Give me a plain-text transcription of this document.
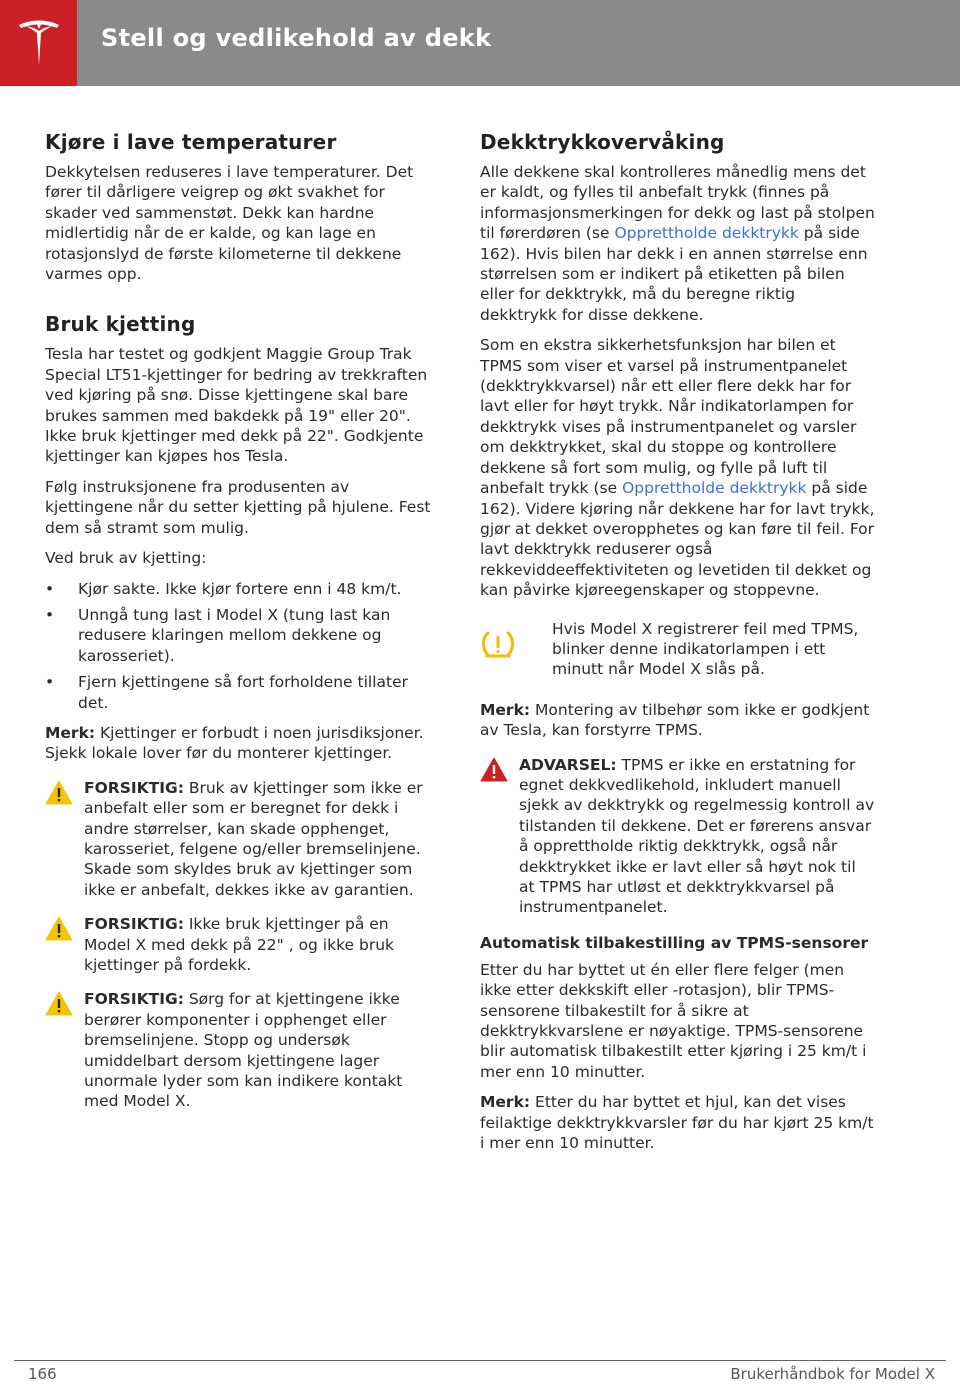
Stell og vedlikehold av dekk
Kjøre i lave temperaturer

Dekkytelsen reduseres i lave temperaturer. Det fører til dårligere veigrep og økt svakhet for skader ved sammenstøt. Dekk kan hardne midlertidig når de er kalde, og kan lage en rotasjonslyd de første kilometerne til dekkene varmes opp.

Bruk kjetting

Tesla har testet og godkjent Maggie Group Trak Special LT51-kjettinger for bedring av trekkraften ved kjøring på snø. Disse kjettingene skal bare brukes sammen med bakdekk på 19" eller 20". Ikke bruk kjettinger med dekk på 22". Godkjente kjettinger kan kjøpes hos Tesla.

Følg instruksjonene fra produsenten av kjettingene når du setter kjetting på hjulene. Fest dem så stramt som mulig.

Ved bruk av kjetting:

• Kjør sakte. Ikke kjør fortere enn i 48 km/t.
• Unngå tung last i Model X (tung last kan redusere klaringen mellom dekkene og karosseriet).
• Fjern kjettingene så fort forholdene tillater det.

Merk: Kjettinger er forbudt i noen jurisdiksjoner. Sjekk lokale lover før du monterer kjettinger.

FORSIKTIG: Bruk av kjettinger som ikke er anbefalt eller som er beregnet for dekk i andre størrelser, kan skade opphenget, karosseriet, felgene og/eller bremselinjene. Skade som skyldes bruk av kjettinger som ikke er anbefalt, dekkes ikke av garantien.

FORSIKTIG: Ikke bruk kjettinger på en Model X med dekk på 22" , og ikke bruk kjettinger på fordekk.

FORSIKTIG: Sørg for at kjettingene ikke berører komponenter i opphenget eller bremselinjene. Stopp og undersøk umiddelbart dersom kjettingene lager unormale lyder som kan indikere kontakt med Model X.

Dekktrykkovervåking

Alle dekkene skal kontrolleres månedlig mens det er kaldt, og fylles til anbefalt trykk (finnes på informasjonsmerkingen for dekk og last på stolpen til førerdøren (se Opprettholde dekktrykk på side 162). Hvis bilen har dekk i en annen størrelse enn størrelsen som er indikert på etiketten på bilen eller for dekktrykk, må du beregne riktig dekktrykk for disse dekkene.

Som en ekstra sikkerhetsfunksjon har bilen et TPMS som viser et varsel på instrumentpanelet (dekktrykkvarsel) når ett eller flere dekk har for lavt eller for høyt trykk. Når indikatorlampen for dekktrykk vises på instrumentpanelet og varsler om dekktrykket, skal du stoppe og kontrollere dekkene så fort som mulig, og fylle på luft til anbefalt trykk (se Opprettholde dekktrykk på side 162). Videre kjøring når dekkene har for lavt trykk, gjør at dekket overopphetes og kan føre til feil. For lavt dekktrykk reduserer også rekkeviddeeffektiviteten og levetiden til dekket og kan påvirke kjøreegenskaper og stoppevne.

Hvis Model X registrerer feil med TPMS, blinker denne indikatorlampen i ett minutt når Model X slås på.

Merk: Montering av tilbehør som ikke er godkjent av Tesla, kan forstyrre TPMS.

ADVARSEL: TPMS er ikke en erstatning for egnet dekkvedlikehold, inkludert manuell sjekk av dekktrykk og regelmessig kontroll av tilstanden til dekkene. Det er førerens ansvar å opprettholde riktig dekktrykk, også når dekktrykket ikke er lavt eller så høyt nok til at TPMS har utløst et dekktrykkvarsel på instrumentpanelet.

Automatisk tilbakestilling av TPMS-sensorer

Etter du har byttet ut én eller flere felger (men ikke etter dekkskift eller -rotasjon), blir TPMS-sensorene tilbakestilt for å sikre at dekktrykkvarslene er nøyaktige. TPMS-sensorene blir automatisk tilbakestilt etter kjøring i 25 km/t i mer enn 10 minutter.

Merk: Etter du har byttet et hjul, kan det vises feilaktige dekktrykkvarsler før du har kjørt 25 km/t i mer enn 10 minutter.

166	Brukerhåndbok for Model X
